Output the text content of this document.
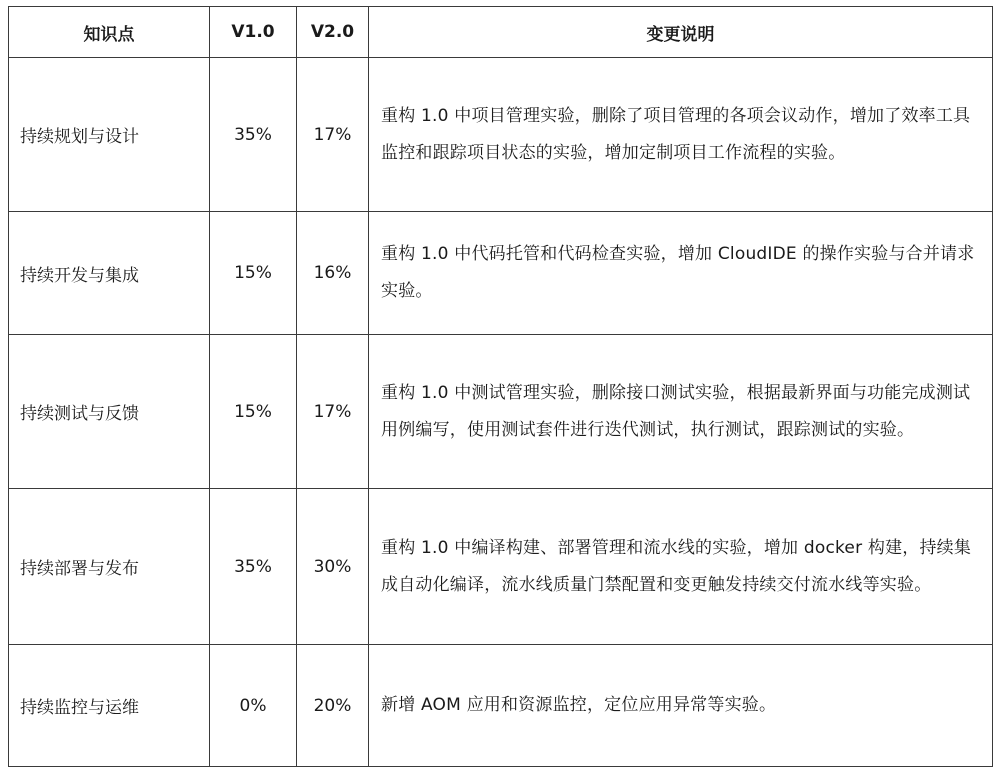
知识点	V1.0	V2.0	变更说明
持续规划与设计	35%	17%	重构 1.0 中项目管理实验，删除了项目管理的各项会议动作，增加了效率工具监控和跟踪项目状态的实验，增加定制项目工作流程的实验。

持续开发与集成	15%	16%	重构 1.0 中代码托管和代码检查实验，增加 CloudIDE 的操作实验与合并请求实验。

持续测试与反馈	15%	17%	重构 1.0 中测试管理实验，删除接口测试实验，根据最新界面与功能完成测试用例编写，使用测试套件进行迭代测试，执行测试，跟踪测试的实验。

持续部署与发布	35%	30%	重构 1.0 中编译构建、部署管理和流水线的实验，增加 docker 构建，持续集成自动化编译，流水线质量门禁配置和变更触发持续交付流水线等实验。

持续监控与运维	0%	20%	新增 AOM 应用和资源监控，定位应用异常等实验。
